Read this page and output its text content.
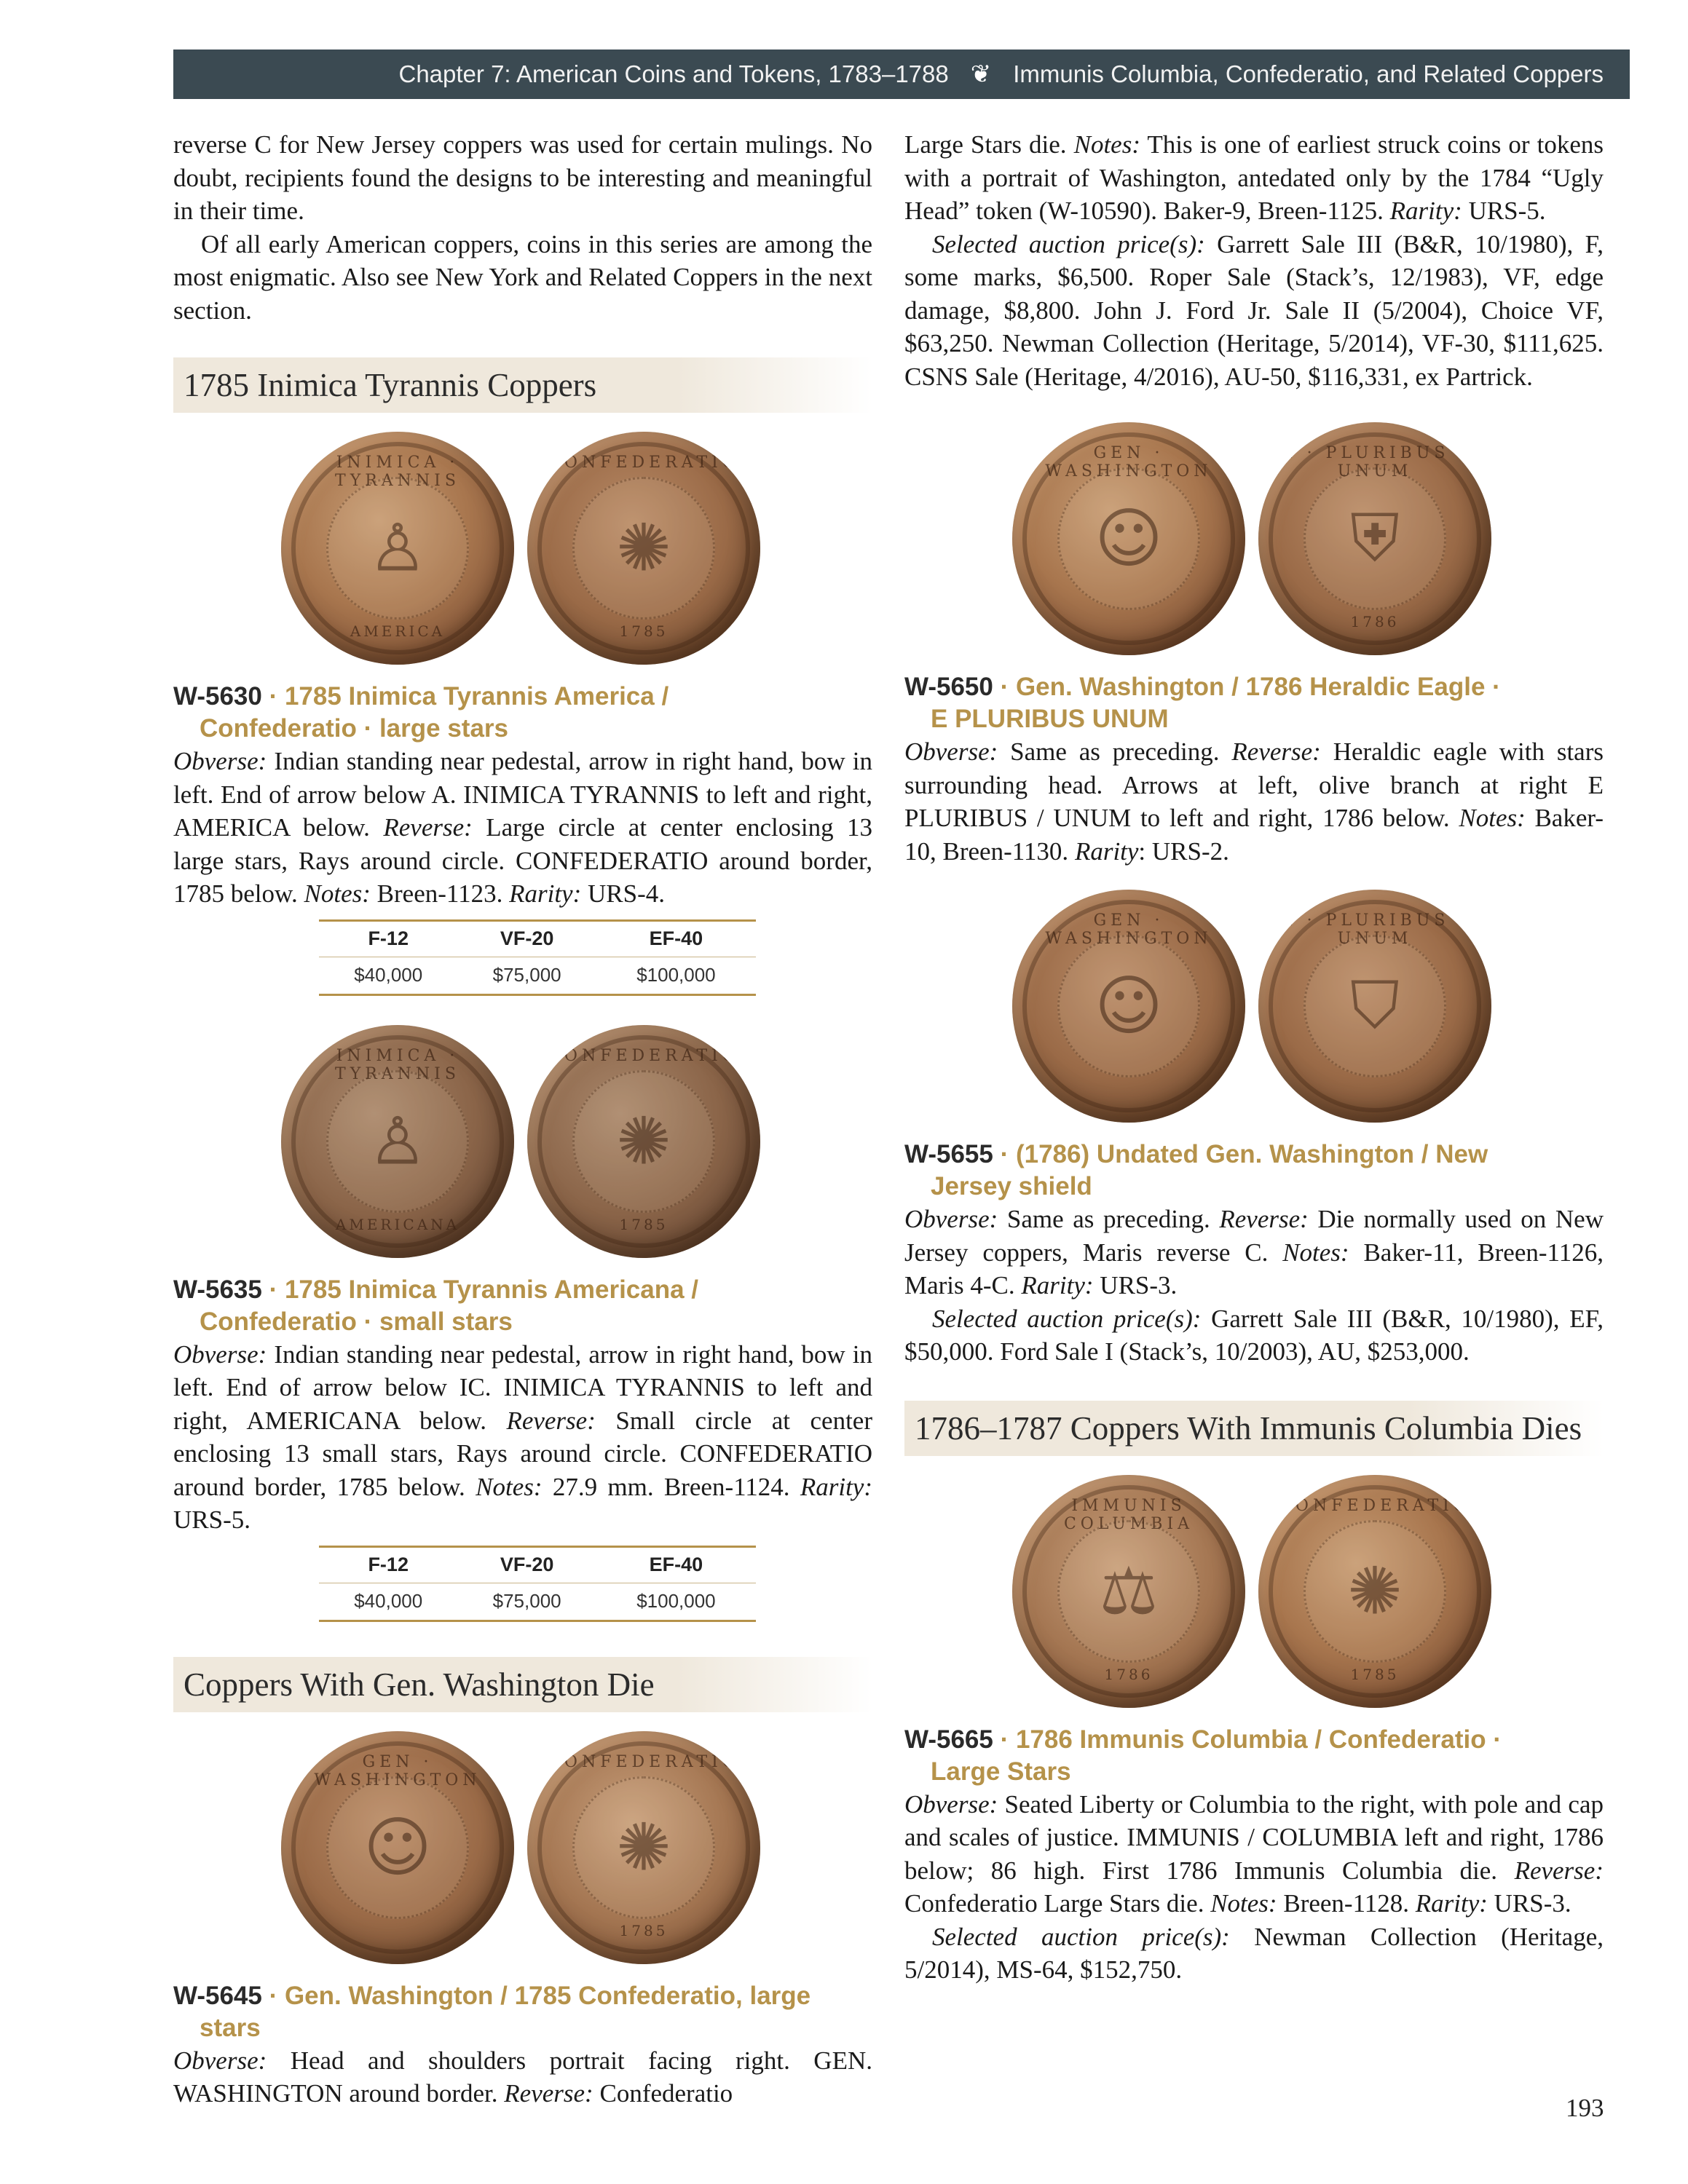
Chapter 7: American Coins and Tokens, 1783–1788 ❦ Immunis Columbia, Confederatio, and Related Coppers

reverse C for New Jersey coppers was used for certain mulings. No doubt, recipients found the designs to be interesting and meaningful in their time.

Of all early American coppers, coins in this series are among the most enigmatic. Also see New York and Related Coppers in the next section.

1785 Inimica Tyrannis Coppers
INIMICA · TYRANNIS
♙
AMERICA
CONFEDERATIO
✺
1785

W-5630 · 1785 Inimica Tyrannis America /
Confederatio · large stars

Obverse: Indian standing near pedestal, arrow in right hand, bow in left. End of arrow below A. INIMICA TYRANNIS to left and right, AMERICA below. Reverse: Large circle at center enclosing 13 large stars, Rays around circle. CONFEDERATIO around border, 1785 below. Notes: Breen-1123. Rarity: URS-4.

F-12	VF-20	EF-40
$40,000	$75,000	$100,000
INIMICA · TYRANNIS
♙
AMERICANA
CONFEDERATIO
✺
1785

W-5635 · 1785 Inimica Tyrannis Americana /
Confederatio · small stars

Obverse: Indian standing near pedestal, arrow in right hand, bow in left. End of arrow below IC. INIMICA TYRANNIS to left and right, AMERICANA below. Reverse: Small circle at center enclosing 13 small stars, Rays around circle. CONFEDERATIO around border, 1785 below. Notes: 27.9 mm. Breen-1124. Rarity: URS-5.

F-12	VF-20	EF-40
$40,000	$75,000	$100,000
Coppers With Gen. Washington Die
GEN · WASHINGTON
☺
CONFEDERATIO
✺
1785

W-5645 · Gen. Washington / 1785 Confederatio, large
stars

Obverse: Head and shoulders portrait facing right. GEN. WASHINGTON around border. Reverse: Confederatio

Large Stars die. Notes: This is one of earliest struck coins or tokens with a portrait of Washington, antedated only by the 1784 “Ugly Head” token (W-10590). Baker-9, Breen-1125. Rarity: URS-5.

Selected auction price(s): Garrett Sale III (B&R, 10/1980), F, some marks, $6,500. Roper Sale (Stack’s, 12/1983), VF, edge damage, $8,800. John J. Ford Jr. Sale II (5/2004), Choice VF, $63,250. Newman Collection (Heritage, 5/2014), VF-30, $111,625. CSNS Sale (Heritage, 4/2016), AU-50, $116,331, ex Partrick.

GEN · WASHINGTON
☺
E · PLURIBUS · UNUM
⛨
1786

W-5650 · Gen. Washington / 1786 Heraldic Eagle ·
E PLURIBUS UNUM

Obverse: Same as preceding. Reverse: Heraldic eagle with stars surrounding head. Arrows at left, olive branch at right E PLURIBUS / UNUM to left and right, 1786 below. Notes: Baker-10, Breen-1130. Rarity: URS-2.

GEN · WASHINGTON
☺
E · PLURIBUS · UNUM
⛉

W-5655 · (1786) Undated Gen. Washington / New
Jersey shield

Obverse: Same as preceding. Reverse: Die normally used on New Jersey coppers, Maris reverse C. Notes: Baker-11, Breen-1126, Maris 4-C. Rarity: URS-3.

Selected auction price(s): Garrett Sale III (B&R, 10/1980), EF, $50,000. Ford Sale I (Stack’s, 10/2003), AU, $253,000.

1786–1787 Coppers With Immunis Columbia Dies
IMMUNIS COLUMBIA
⚖
1786
CONFEDERATIO
✺
1785

W-5665 · 1786 Immunis Columbia / Confederatio ·
Large Stars

Obverse: Seated Liberty or Columbia to the right, with pole and cap and scales of justice. IMMUNIS / COLUMBIA left and right, 1786 below; 86 high. First 1786 Immunis Columbia die. Reverse: Confederatio Large Stars die. Notes: Breen-1128. Rarity: URS-3.

Selected auction price(s): Newman Collection (Heritage, 5/2014), MS-64, $152,750.

193
